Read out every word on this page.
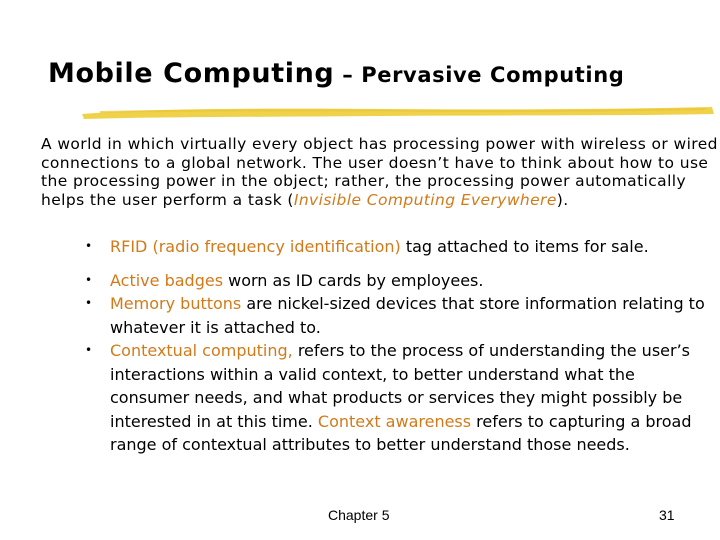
Mobile Computing – Pervasive Computing
A world in which virtually every object has processing power with wireless or wired connections to a global network. The user doesn’t have to think about how to use the processing power in the object; rather, the processing power automatically helps the user perform a task (Invisible Computing Everywhere).
• RFID (radio frequency identification) tag attached to items for sale.
• Active badges worn as ID cards by employees.
• Memory buttons are nickel-sized devices that store information relating to whatever it is attached to.
• Contextual computing, refers to the process of understanding the user’s interactions within a valid context, to better understand what the consumer needs, and what products or services they might possibly be interested in at this time. Context awareness refers to capturing a broad range of contextual attributes to better understand those needs.
Chapter 5	31
